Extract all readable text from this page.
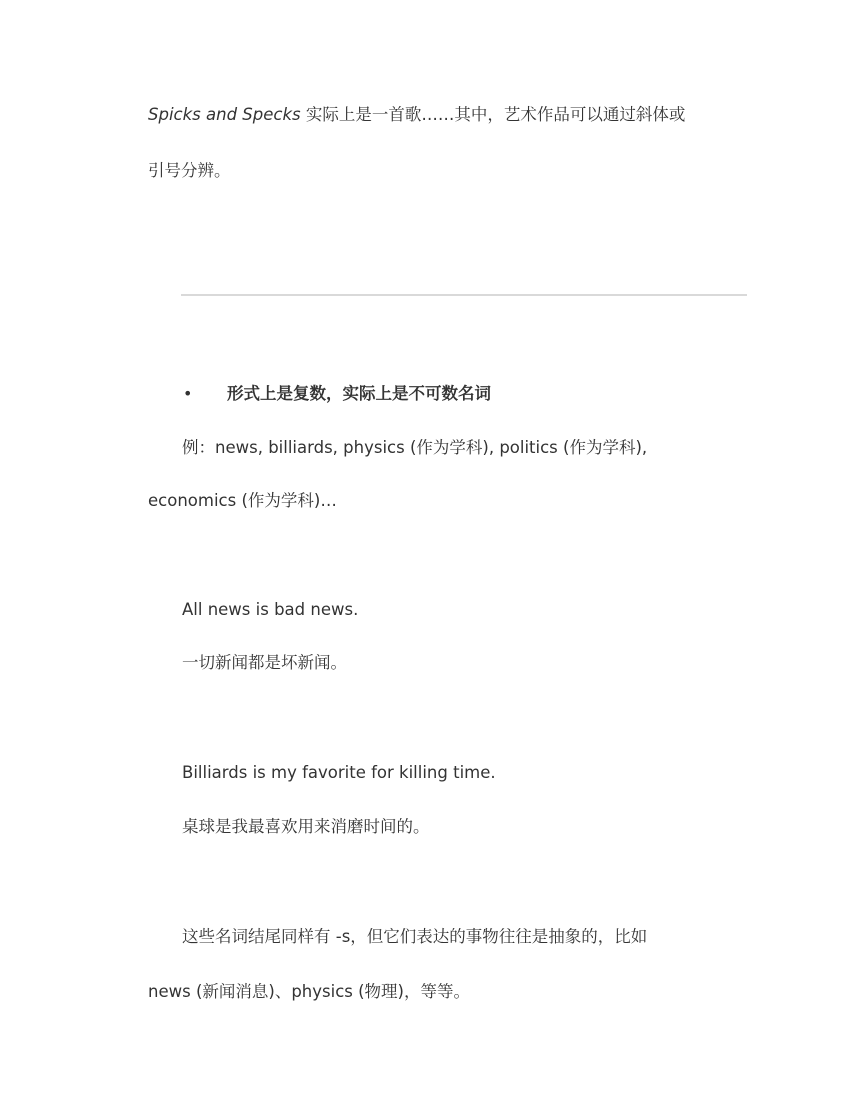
Spicks and Specks 实际上是一首歌……其中，艺术作品可以通过斜体或
引号分辨。
• 形式上是复数，实际上是不可数名词
例：news, billiards, physics (作为学科), politics (作为学科),
economics (作为学科)…
All news is bad news.
一切新闻都是坏新闻。
Billiards is my favorite for killing time.
桌球是我最喜欢用来消磨时间的。
这些名词结尾同样有 -s，但它们表达的事物往往是抽象的，比如
news (新闻消息)、physics (物理)，等等。
